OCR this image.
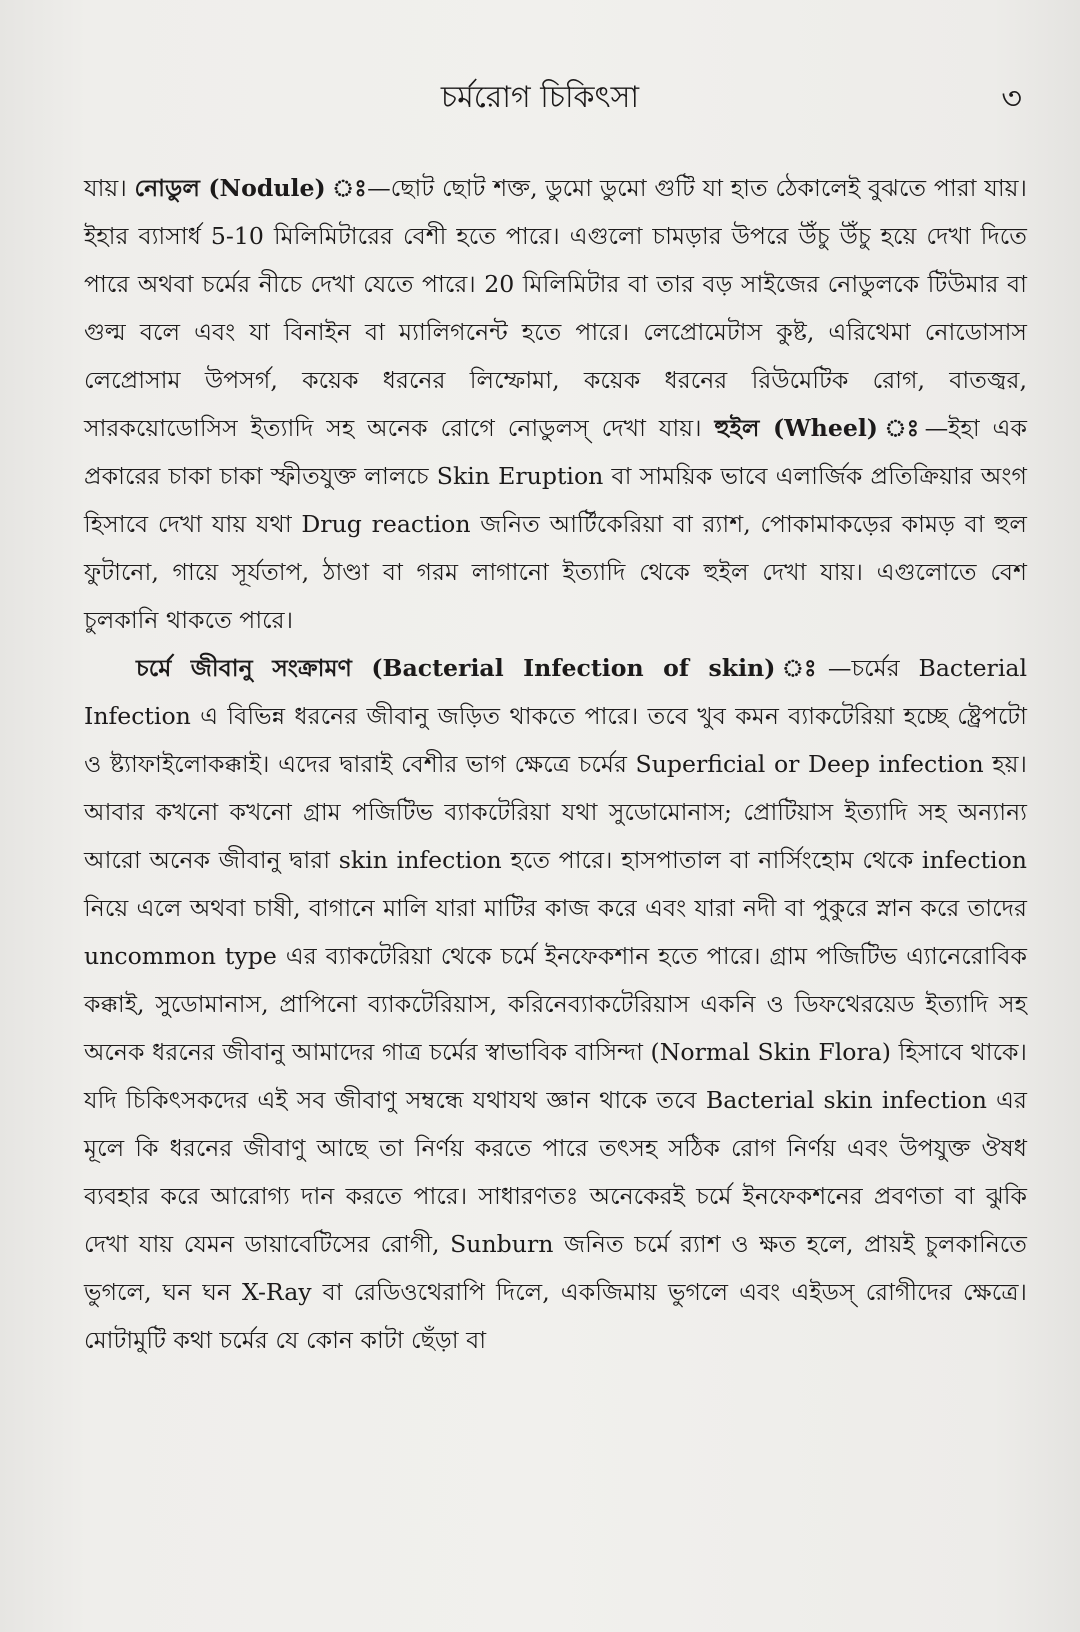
চর্মরোগ চিকিৎসা	৩

যায়। নোডুল (Nodule) ঃ—ছোট ছোট শক্ত, ডুমো ডুমো গুটি যা হাত ঠেকালেই বুঝতে পারা যায়। ইহার ব্যাসার্ধ 5-10 মিলিমিটারের বেশী হতে পারে। এগুলো চামড়ার উপরে উঁচু উঁচু হয়ে দেখা দিতে পারে অথবা চর্মের নীচে দেখা যেতে পারে। 20 মিলিমিটার বা তার বড় সাইজের নোডুলকে টিউমার বা গুল্ম বলে এবং যা বিনাইন বা ম্যালিগনেন্ট হতে পারে। লেপ্রোমেটাস কুষ্ট, এরিথেমা নোডোসাস লেপ্রোসাম উপসর্গ, কয়েক ধরনের লিম্ফোমা, কয়েক ধরনের রিউমেটিক রোগ, বাতজ্বর, সারকয়োডোসিস ইত্যাদি সহ অনেক রোগে নোডুলস্ দেখা যায়। হুইল (Wheel) ঃ—ইহা এক প্রকারের চাকা চাকা স্ফীতযুক্ত লালচে Skin Eruption বা সাময়িক ভাবে এলার্জিক প্রতিক্রিয়ার অংগ হিসাবে দেখা যায় যথা Drug reaction জনিত আর্টিকেরিয়া বা র‍্যাশ, পোকামাকড়ের কামড় বা হুল ফুটানো, গায়ে সূর্যতাপ, ঠাণ্ডা বা গরম লাগানো ইত্যাদি থেকে হুইল দেখা যায়। এগুলোতে বেশ চুলকানি থাকতে পারে।

চর্মে জীবানু সংক্রামণ (Bacterial Infection of skin) ঃ—চর্মের Bacterial Infection এ বিভিন্ন ধরনের জীবানু জড়িত থাকতে পারে। তবে খুব কমন ব্যাকটেরিয়া হচ্ছে ষ্ট্রেপটো ও ষ্ট্যাফাইলোকক্কাই। এদের দ্বারাই বেশীর ভাগ ক্ষেত্রে চর্মের Superficial or Deep infection হয়। আবার কখনো কখনো গ্রাম পজিটিভ ব্যাকটেরিয়া যথা সুডোমোনাস; প্রোটিয়াস ইত্যাদি সহ অন্যান্য আরো অনেক জীবানু দ্বারা skin infection হতে পারে। হাসপাতাল বা নার্সিংহোম থেকে infection নিয়ে এলে অথবা চাষী, বাগানে মালি যারা মাটির কাজ করে এবং যারা নদী বা পুকুরে স্নান করে তাদের uncommon type এর ব্যাকটেরিয়া থেকে চর্মে ইনফেকশান হতে পারে। গ্রাম পজিটিভ এ্যানেরোবিক কক্কাই, সুডোমানাস, প্রাপিনো ব্যাকটেরিয়াস, করিনেব্যাকটেরিয়াস একনি ও ডিফথেরয়েড ইত্যাদি সহ অনেক ধরনের জীবানু আমাদের গাত্র চর্মের স্বাভাবিক বাসিন্দা (Normal Skin Flora) হিসাবে থাকে। যদি চিকিৎসকদের এই সব জীবাণু সম্বন্ধে যথাযথ জ্ঞান থাকে তবে Bacterial skin infection এর মূলে কি ধরনের জীবাণু আছে তা নির্ণয় করতে পারে তৎসহ সঠিক রোগ নির্ণয় এবং উপযুক্ত ঔষধ ব্যবহার করে আরোগ্য দান করতে পারে। সাধারণতঃ অনেকেরই চর্মে ইনফেকশনের প্রবণতা বা ঝুকি দেখা যায় যেমন ডায়াবেটিসের রোগী, Sunburn জনিত চর্মে র‍্যাশ ও ক্ষত হলে, প্রায়ই চুলকানিতে ভুগলে, ঘন ঘন X-Ray বা রেডিওথেরাপি দিলে, একজিমায় ভুগলে এবং এইডস্ রোগীদের ক্ষেত্রে। মোটামুটি কথা চর্মের যে কোন কাটা ছেঁড়া বা
